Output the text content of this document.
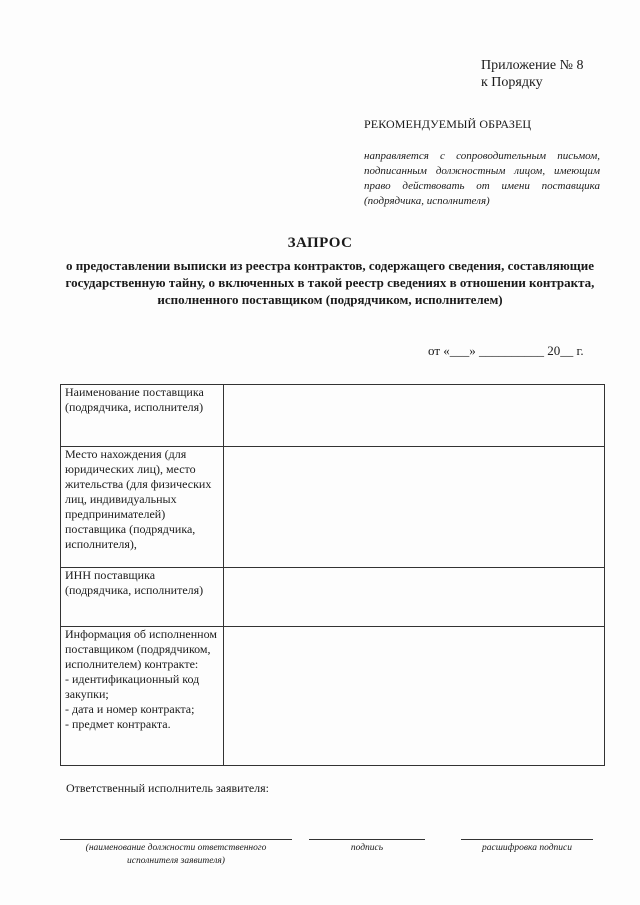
Приложение № 8
к Порядку
РЕКОМЕНДУЕМЫЙ ОБРАЗЕЦ
направляется с сопроводительным письмом, подписанным должностным лицом, имеющим право действовать от имени поставщика (подрядчика, исполнителя)
ЗАПРОС
о предоставлении выписки из реестра контрактов, содержащего сведения, составляющие государственную тайну, о включенных в такой реестр сведениях в отношении контракта, исполненного поставщиком (подрядчиком, исполнителем)
от «___» __________ 20__ г.
Наименование поставщика (подрядчика, исполнителя)	
Место нахождения (для юридических лиц), место жительства (для физических лиц, индивидуальных предпринимателей) поставщика (подрядчика, исполнителя),	
ИНН поставщика (подрядчика, исполнителя)	
Информация об исполненном поставщиком (подрядчиком, исполнителем) контракте:
- идентификационный код закупки;
- дата и номер контракта;
- предмет контракта.	
Ответственный исполнитель заявителя:
(наименование должности ответственного исполнителя заявителя)
подпись	расшифровка подписи
